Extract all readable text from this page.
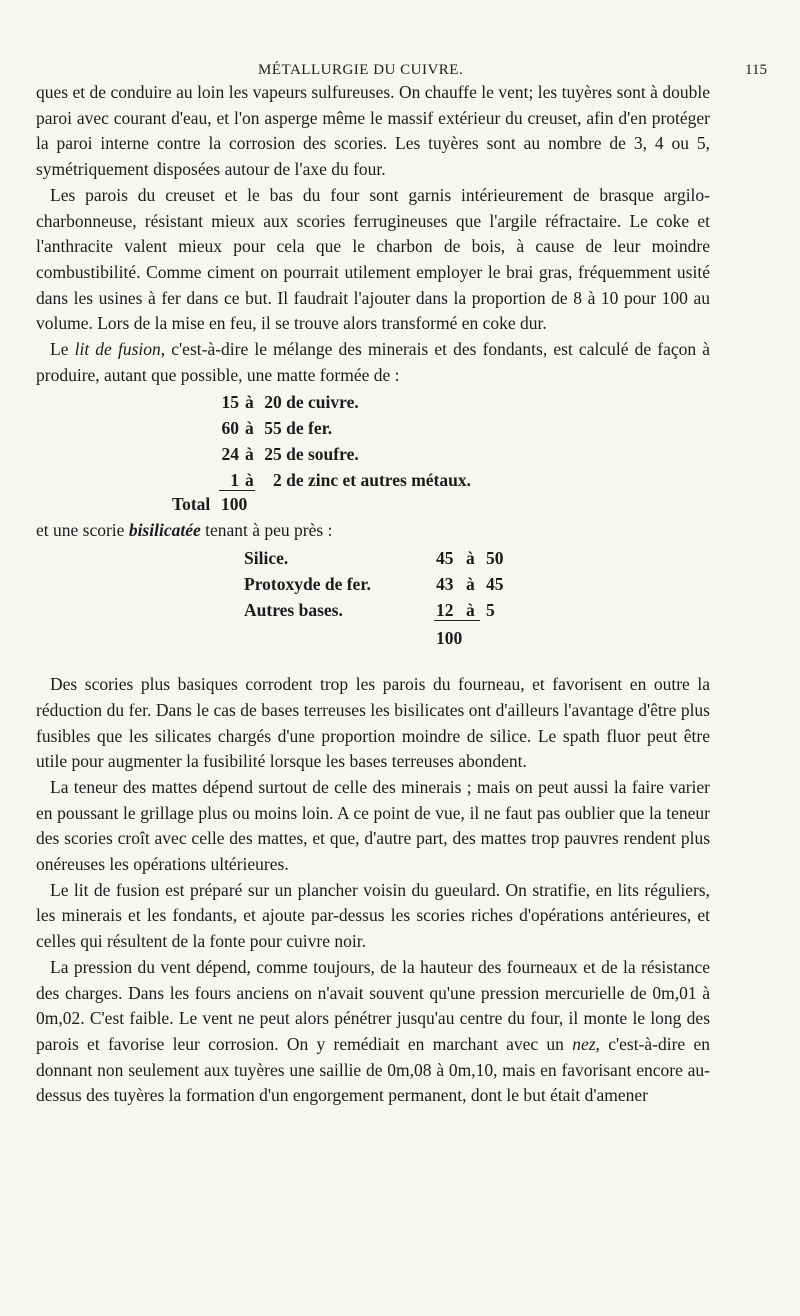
MÉTALLURGIE DU CUIVRE.	115

ques et de conduire au loin les vapeurs sulfureuses. On chauffe le vent; les tuyères sont à double paroi avec courant d'eau, et l'on asperge même le massif extérieur du creuset, afin d'en protéger la paroi interne contre la corrosion des scories. Les tuyères sont au nombre de 3, 4 ou 5, symétriquement disposées autour de l'axe du four.

Les parois du creuset et le bas du four sont garnis intérieurement de brasque argilo-charbonneuse, résistant mieux aux scories ferrugineuses que l'argile réfractaire. Le coke et l'anthracite valent mieux pour cela que le charbon de bois, à cause de leur moindre combustibilité. Comme ciment on pourrait utilement employer le brai gras, fréquemment usité dans les usines à fer dans ce but. Il faudrait l'ajouter dans la proportion de 8 à 10 pour 100 au volume. Lors de la mise en feu, il se trouve alors transformé en coke dur.

Le lit de fusion, c'est-à-dire le mélange des minerais et des fondants, est calculé de façon à produire, autant que possible, une matte formée de :

15 à 20 de cuivre.
60 à 55 de fer.
24 à 25 de soufre.
1 à 2 de zinc et autres métaux.
Total 100

et une scorie bisilicatée tenant à peu près :

Silice.	45 à 50
Protoxyde de fer.	43 à 45
Autres bases.	12 à 5
100

Des scories plus basiques corrodent trop les parois du fourneau, et favorisent en outre la réduction du fer. Dans le cas de bases terreuses les bisilicates ont d'ailleurs l'avantage d'être plus fusibles que les silicates chargés d'une proportion moindre de silice. Le spath fluor peut être utile pour augmenter la fusibilité lorsque les bases terreuses abondent.

La teneur des mattes dépend surtout de celle des minerais ; mais on peut aussi la faire varier en poussant le grillage plus ou moins loin. A ce point de vue, il ne faut pas oublier que la teneur des scories croît avec celle des mattes, et que, d'autre part, des mattes trop pauvres rendent plus onéreuses les opérations ultérieures.

Le lit de fusion est préparé sur un plancher voisin du gueulard. On stratifie, en lits réguliers, les minerais et les fondants, et ajoute par-dessus les scories riches d'opérations antérieures, et celles qui résultent de la fonte pour cuivre noir.

La pression du vent dépend, comme toujours, de la hauteur des fourneaux et de la résistance des charges. Dans les fours anciens on n'avait souvent qu'une pression mercurielle de 0m,01 à 0m,02. C'est faible. Le vent ne peut alors pénétrer jusqu'au centre du four, il monte le long des parois et favorise leur corrosion. On y remédiait en marchant avec un nez, c'est-à-dire en donnant non seulement aux tuyères une saillie de 0m,08 à 0m,10, mais en favorisant encore au-dessus des tuyères la formation d'un engorgement permanent, dont le but était d'amener
